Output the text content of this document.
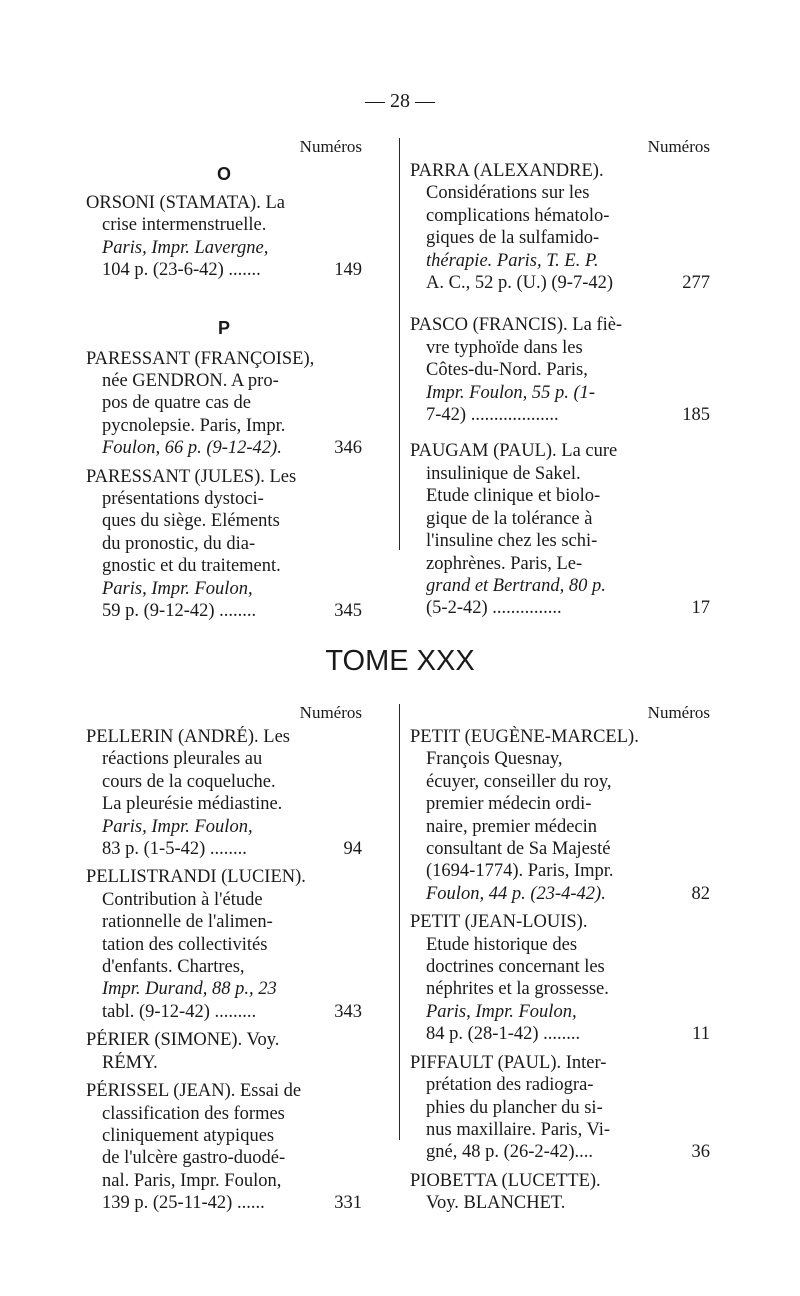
— 28 —
Numéros
O
ORSONI (STAMATA). La
crise intermenstruelle.
Paris, Impr. Lavergne,
104 p. (23-6-42) .......	149
P
PARESSANT (FRANÇOISE),
née GENDRON. A pro-
pos de quatre cas de
pycnolepsie. Paris, Impr.
Foulon, 66 p. (9-12-42).	346
PARESSANT (JULES). Les
présentations dystoci-
ques du siège. Eléments
du pronostic, du dia-
gnostic et du traitement.
Paris, Impr. Foulon,
59 p. (9-12-42) ........	345
Numéros
PARRA (ALEXANDRE).
Considérations sur les
complications hématolo-
giques de la sulfamido-
thérapie. Paris, T. E. P.
A. C., 52 p. (U.) (9-7-42)	277
PASCO (FRANCIS). La fiè-
vre typhoïde dans les
Côtes-du-Nord. Paris,
Impr. Foulon, 55 p. (1-
7-42) ...................	185
PAUGAM (PAUL). La cure
insulinique de Sakel.
Etude clinique et biolo-
gique de la tolérance à
l'insuline chez les schi-
zophrènes. Paris, Le-
grand et Bertrand, 80 p.
(5-2-42) ...............	17
TOME XXX
Numéros
PELLERIN (ANDRÉ). Les
réactions pleurales au
cours de la coqueluche.
La pleurésie médiastine.
Paris, Impr. Foulon,
83 p. (1-5-42) ........	94
PELLISTRANDI (LUCIEN).
Contribution à l'étude
rationnelle de l'alimen-
tation des collectivités
d'enfants. Chartres,
Impr. Durand, 88 p., 23
tabl. (9-12-42) .........	343
PÉRIER (SIMONE). Voy.
RÉMY.
PÉRISSEL (JEAN). Essai de
classification des formes
cliniquement atypiques
de l'ulcère gastro-duodé-
nal. Paris, Impr. Foulon,
139 p. (25-11-42) ......	331
Numéros
PETIT (EUGÈNE-MARCEL).
François Quesnay,
écuyer, conseiller du roy,
premier médecin ordi-
naire, premier médecin
consultant de Sa Majesté
(1694-1774). Paris, Impr.
Foulon, 44 p. (23-4-42).	82
PETIT (JEAN-LOUIS).
Etude historique des
doctrines concernant les
néphrites et la grossesse.
Paris, Impr. Foulon,
84 p. (28-1-42) ........	11
PIFFAULT (PAUL). Inter-
prétation des radiogra-
phies du plancher du si-
nus maxillaire. Paris, Vi-
gné, 48 p. (26-2-42)....	36
PIOBETTA (LUCETTE).
Voy. BLANCHET.
